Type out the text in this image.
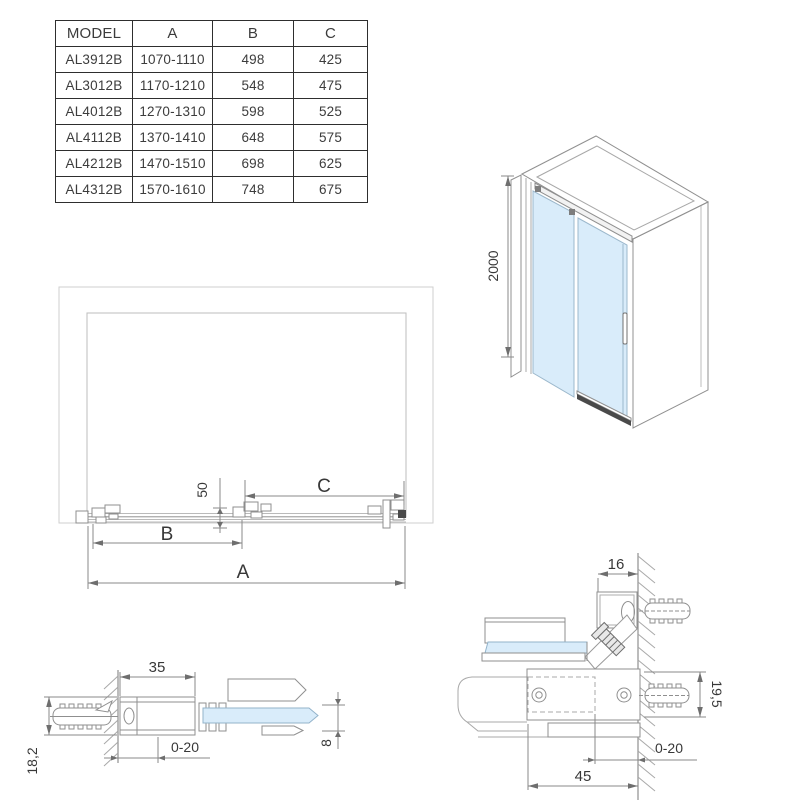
MODEL	A	B	C
AL3912B	1070-1110	498	425
AL3012B	1170-1210	548	475
AL4012B	1270-1310	598	525
AL4112B	1370-1410	648	575
AL4212B	1470-1510	698	625
AL4312B	1570-1610	748	675
2000
50	C
B
A
35
0-20	8
18,2
16
19,5
0-20
45
